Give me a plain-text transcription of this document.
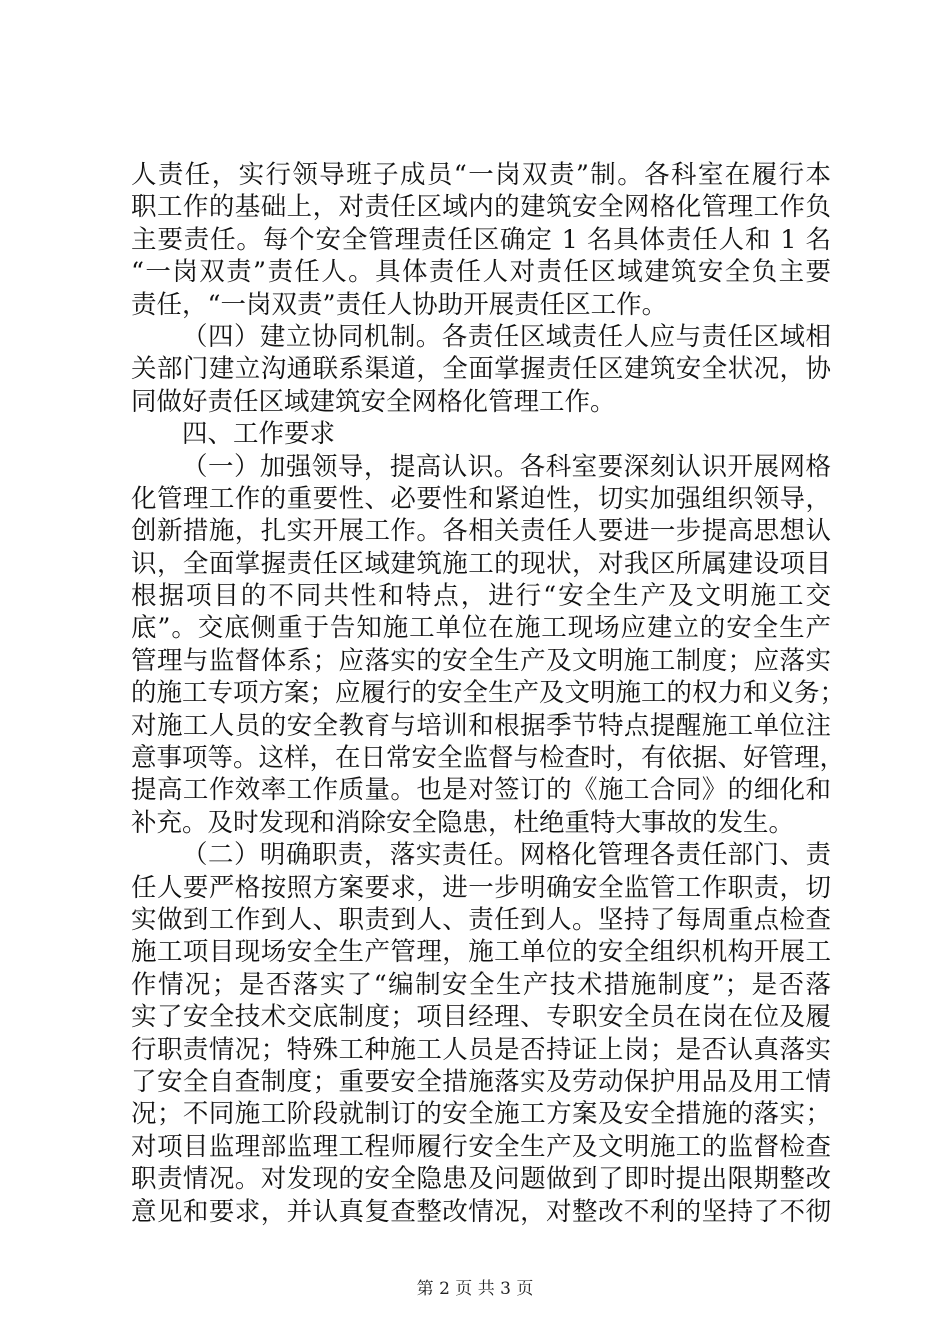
人责任，实行领导班子成员“一岗双责”制。各科室在履行本
职工作的基础上，对责任区域内的建筑安全网格化管理工作负
主要责任。每个安全管理责任区确定 1 名具体责任人和 1 名
“一岗双责”责任人。具体责任人对责任区域建筑安全负主要
责任，“一岗双责”责任人协助开展责任区工作。
（四）建立协同机制。各责任区域责任人应与责任区域相
关部门建立沟通联系渠道，全面掌握责任区建筑安全状况，协
同做好责任区域建筑安全网格化管理工作。
四、工作要求
（一）加强领导，提高认识。各科室要深刻认识开展网格
化管理工作的重要性、必要性和紧迫性，切实加强组织领导，
创新措施，扎实开展工作。各相关责任人要进一步提高思想认
识，全面掌握责任区域建筑施工的现状，对我区所属建设项目
根据项目的不同共性和特点，进行“安全生产及文明施工交
底”。交底侧重于告知施工单位在施工现场应建立的安全生产
管理与监督体系；应落实的安全生产及文明施工制度；应落实
的施工专项方案；应履行的安全生产及文明施工的权力和义务；
对施工人员的安全教育与培训和根据季节特点提醒施工单位注
意事项等。这样，在日常安全监督与检查时，有依据、好管理，
提高工作效率工作质量。也是对签订的《施工合同》的细化和
补充。及时发现和消除安全隐患，杜绝重特大事故的发生。
（二）明确职责，落实责任。网格化管理各责任部门、责
任人要严格按照方案要求，进一步明确安全监管工作职责，切
实做到工作到人、职责到人、责任到人。坚持了每周重点检查
施工项目现场安全生产管理，施工单位的安全组织机构开展工
作情况；是否落实了“编制安全生产技术措施制度”；是否落
实了安全技术交底制度；项目经理、专职安全员在岗在位及履
行职责情况；特殊工种施工人员是否持证上岗；是否认真落实
了安全自查制度；重要安全措施落实及劳动保护用品及用工情
况；不同施工阶段就制订的安全施工方案及安全措施的落实；
对项目监理部监理工程师履行安全生产及文明施工的监督检查
职责情况。对发现的安全隐患及问题做到了即时提出限期整改
意见和要求，并认真复查整改情况，对整改不利的坚持了不彻
第 2 页 共 3 页
